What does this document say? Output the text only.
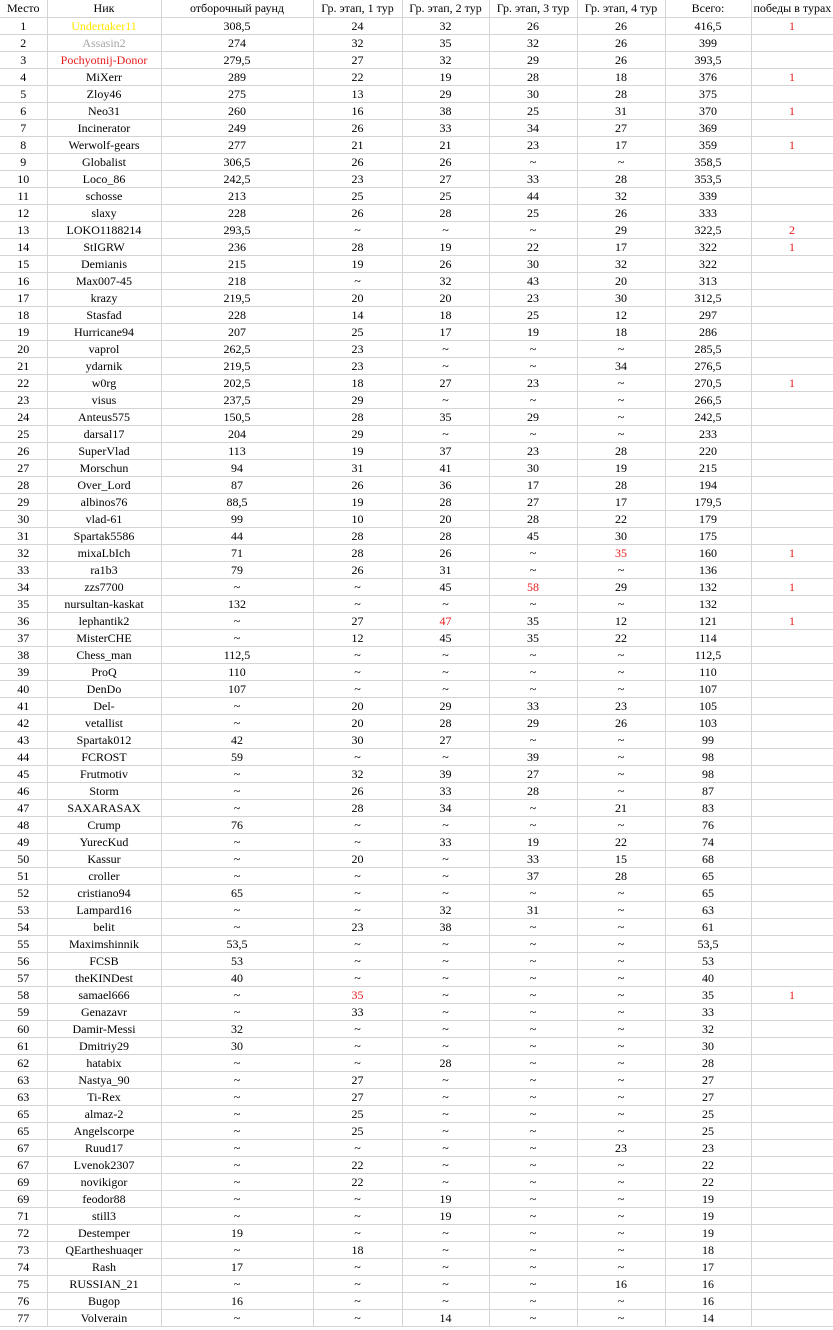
Место	Ник	отборочный раунд	Гр. этап, 1 тур	Гр. этап, 2 тур	Гр. этап, 3 тур	Гр. этап, 4 тур	Всего:	победы в турах
1	Undertaker11	308,5	24	32	26	26	416,5	1
2	Assasin2	274	32	35	32	26	399	
3	Pochyotnij-Donor	279,5	27	32	29	26	393,5	
4	MiXerr	289	22	19	28	18	376	1
5	Zloy46	275	13	29	30	28	375	
6	Neo31	260	16	38	25	31	370	1
7	Incinerator	249	26	33	34	27	369	
8	Werwolf-gears	277	21	21	23	17	359	1
9	Globalist	306,5	26	26	~	~	358,5	
10	Loco_86	242,5	23	27	33	28	353,5	
11	schosse	213	25	25	44	32	339	
12	slaxy	228	26	28	25	26	333	
13	LOKO1188214	293,5	~	~	~	29	322,5	2
14	StIGRW	236	28	19	22	17	322	1
15	Demianis	215	19	26	30	32	322	
16	Max007-45	218	~	32	43	20	313	
17	krazy	219,5	20	20	23	30	312,5	
18	Stasfad	228	14	18	25	12	297	
19	Hurricane94	207	25	17	19	18	286	
20	vaprol	262,5	23	~	~	~	285,5	
21	ydarnik	219,5	23	~	~	34	276,5	
22	w0rg	202,5	18	27	23	~	270,5	1
23	visus	237,5	29	~	~	~	266,5	
24	Anteus575	150,5	28	35	29	~	242,5	
25	darsal17	204	29	~	~	~	233	
26	SuperVlad	113	19	37	23	28	220	
27	Morschun	94	31	41	30	19	215	
28	Over_Lord	87	26	36	17	28	194	
29	albinos76	88,5	19	28	27	17	179,5	
30	vlad-61	99	10	20	28	22	179	
31	Spartak5586	44	28	28	45	30	175	
32	mixaLbIch	71	28	26	~	35	160	1
33	ra1b3	79	26	31	~	~	136	
34	zzs7700	~	~	45	58	29	132	1
35	nursultan-kaskat	132	~	~	~	~	132	
36	lephantik2	~	27	47	35	12	121	1
37	MisterCHE	~	12	45	35	22	114	
38	Chess_man	112,5	~	~	~	~	112,5	
39	ProQ	110	~	~	~	~	110	
40	DenDo	107	~	~	~	~	107	
41	Del-	~	20	29	33	23	105	
42	vetallist	~	20	28	29	26	103	
43	Spartak012	42	30	27	~	~	99	
44	FCROST	59	~	~	39	~	98	
45	Frutmotiv	~	32	39	27	~	98	
46	Storm	~	26	33	28	~	87	
47	SAXARASAX	~	28	34	~	21	83	
48	Crump	76	~	~	~	~	76	
49	YurecKud	~	~	33	19	22	74	
50	Kassur	~	20	~	33	15	68	
51	croller	~	~	~	37	28	65	
52	cristiano94	65	~	~	~	~	65	
53	Lampard16	~	~	32	31	~	63	
54	belit	~	23	38	~	~	61	
55	Maximshinnik	53,5	~	~	~	~	53,5	
56	FCSB	53	~	~	~	~	53	
57	theKINDest	40	~	~	~	~	40	
58	samael666	~	35	~	~	~	35	1
59	Genazavr	~	33	~	~	~	33	
60	Damir-Messi	32	~	~	~	~	32	
61	Dmitriy29	30	~	~	~	~	30	
62	hatabix	~	~	28	~	~	28	
63	Nastya_90	~	27	~	~	~	27	
63	Ti-Rex	~	27	~	~	~	27	
65	almaz-2	~	25	~	~	~	25	
65	Angelscorpe	~	25	~	~	~	25	
67	Ruud17	~	~	~	~	23	23	
67	Lvenok2307	~	22	~	~	~	22	
69	novikigor	~	22	~	~	~	22	
69	feodor88	~	~	19	~	~	19	
71	still3	~	~	19	~	~	19	
72	Destemper	19	~	~	~	~	19	
73	QEartheshuaqer	~	18	~	~	~	18	
74	Rash	17	~	~	~	~	17	
75	RUSSIAN_21	~	~	~	~	16	16	
76	Bugop	16	~	~	~	~	16	
77	Volverain	~	~	14	~	~	14	
